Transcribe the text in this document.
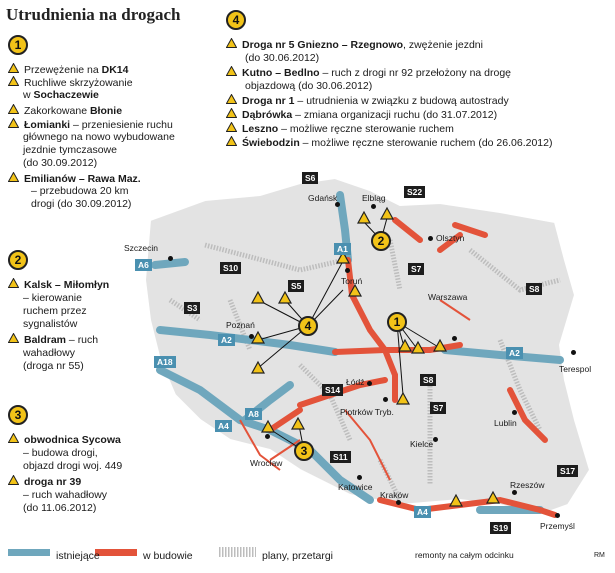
Utrudnienia na drogach
1
Przewężenie na DK14
Ruchliwe skrzyżowanie
w Sochaczewie
Zakorkowane Błonie
Łomianki – przeniesienie ruchu
głównego na nowo wybudowane
jezdnie tymczasowe
(do 30.09.2012)
Emilianów – Rawa Maz.
– przebudowa 20 km
drogi (do 30.09.2012)
2
Kalsk – Miłomłyn
– kierowanie
ruchem przez
sygnalistów
Baldram – ruch
wahadłowy
(droga nr 55)
3
obwodnica Sycowa
– budowa drogi,
objazd drogi woj. 449
droga nr 39
– ruch wahadłowy
(do 11.06.2012)
4
Droga nr 5 Gniezno – Rzegnowo, zwężenie jezdni
(do 30.06.2012)
Kutno – Bedlno – ruch z drogi nr 92 przełożony na drogę
objazdową (do 30.06.2012)
Droga nr 1 – utrudnienia w związku z budową autostrady
Dąbrówka – zmiana organizacji ruchu (do 31.07.2012)
Leszno – możliwe ręczne sterowanie ruchem
Świebodzin – możliwe ręczne sterowanie ruchem (do 26.06.2012)
2
4	1
3
S6
S22
A1
S7
S8
A6	S10
S5
S3
A2
A2
A18
S14
S8
S7
A8
A4
S11
S17
A4
S19
Gdańsk	Elbląg
Olsztyn
Szczecin
Toruń
Warszawa
Poznań
Łódź
Piotrków Tryb.
Terespol
Lublin
Kielce
Wrocław
Katowice
Kraków
Rzeszów
Przemyśl
remonty na całym odcinku	RM
istniejące	w budowie	plany, przetargi
